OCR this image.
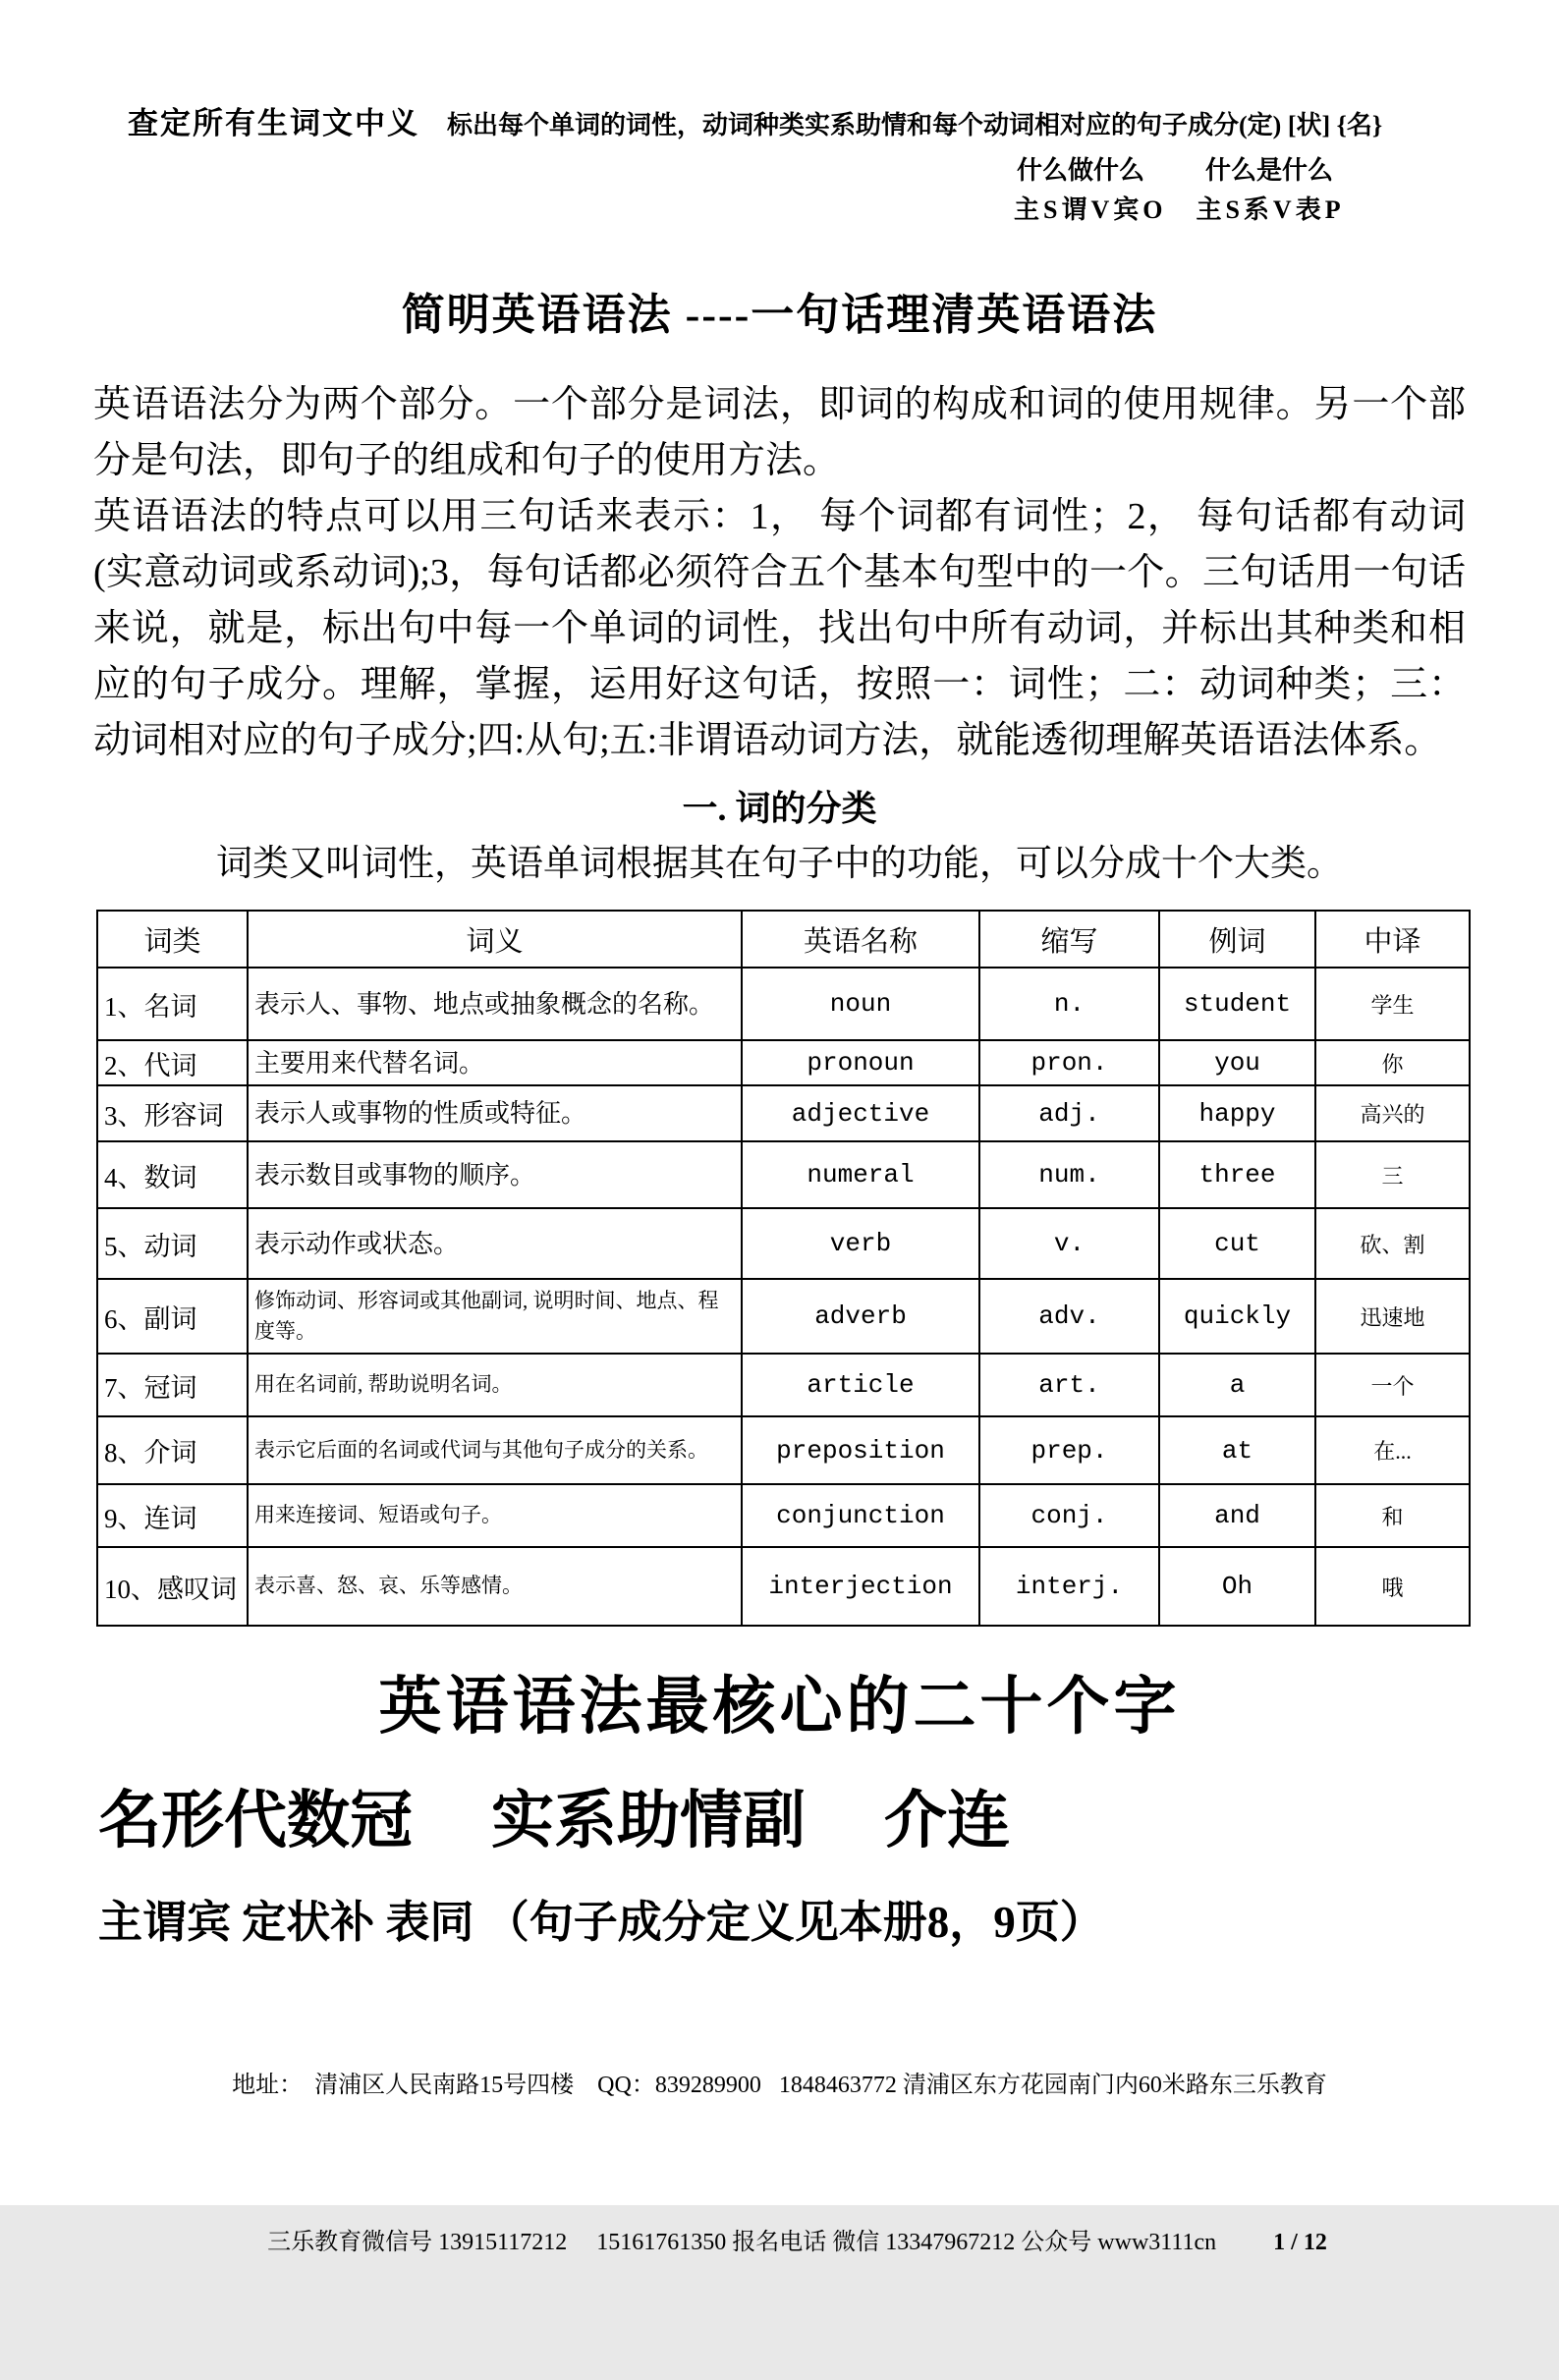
查定所有生词文中义 标出每个单词的词性，动词种类实系助情和每个动词相对应的句子成分(定) [状] {名}
什么做什么 什么是什么
主S谓V宾O 主S系V表P
简明英语语法 ----一句话理清英语语法

英语语法分为两个部分。一个部分是词法，即词的构成和词的使用规律。另一个部分是句法，即句子的组成和句子的使用方法。

英语语法的特点可以用三句话来表示：1， 每个词都有词性；2， 每句话都有动词(实意动词或系动词);3，每句话都必须符合五个基本句型中的一个。三句话用一句话来说，就是，标出句中每一个单词的词性，找出句中所有动词，并标出其种类和相应的句子成分。理解，掌握，运用好这句话，按照一：词性；二：动词种类；三：动词相对应的句子成分;四:从句;五:非谓语动词方法，就能透彻理解英语语法体系。

一. 词的分类
词类又叫词性，英语单词根据其在句子中的功能，可以分成十个大类。
词类	词义	英语名称	缩写	例词	中译
1、名词	表示人、事物、地点或抽象概念的名称。	noun	n.	student	学生
2、代词	主要用来代替名词。	pronoun	pron.	you	你
3、形容词	表示人或事物的性质或特征。	adjective	adj.	happy	高兴的
4、数词	表示数目或事物的顺序。	numeral	num.	three	三
5、动词	表示动作或状态。	verb	v.	cut	砍、割
6、副词	修饰动词、形容词或其他副词, 说明时间、地点、程度等。	adverb	adv.	quickly	迅速地
7、冠词	用在名词前, 帮助说明名词。	article	art.	a	一个
8、介词	表示它后面的名词或代词与其他句子成分的关系。	preposition	prep.	at	在...
9、连词	用来连接词、短语或句子。	conjunction	conj.	and	和
10、感叹词	表示喜、怒、哀、乐等感情。	interjection	interj.	Oh	哦
英语语法最核心的二十个字
名形代数冠　 实系助情副　 介连
主谓宾 定状补 表同 （句子成分定义见本册8，9页）

地址：  清浦区人民南路15号四楼    QQ：839289900   1848463772 清浦区东方花园南门内60米路东三乐教育

三乐教育微信号 13915117212     15161761350 报名电话 微信 13347967212 公众号 www3111cn 1 / 12
